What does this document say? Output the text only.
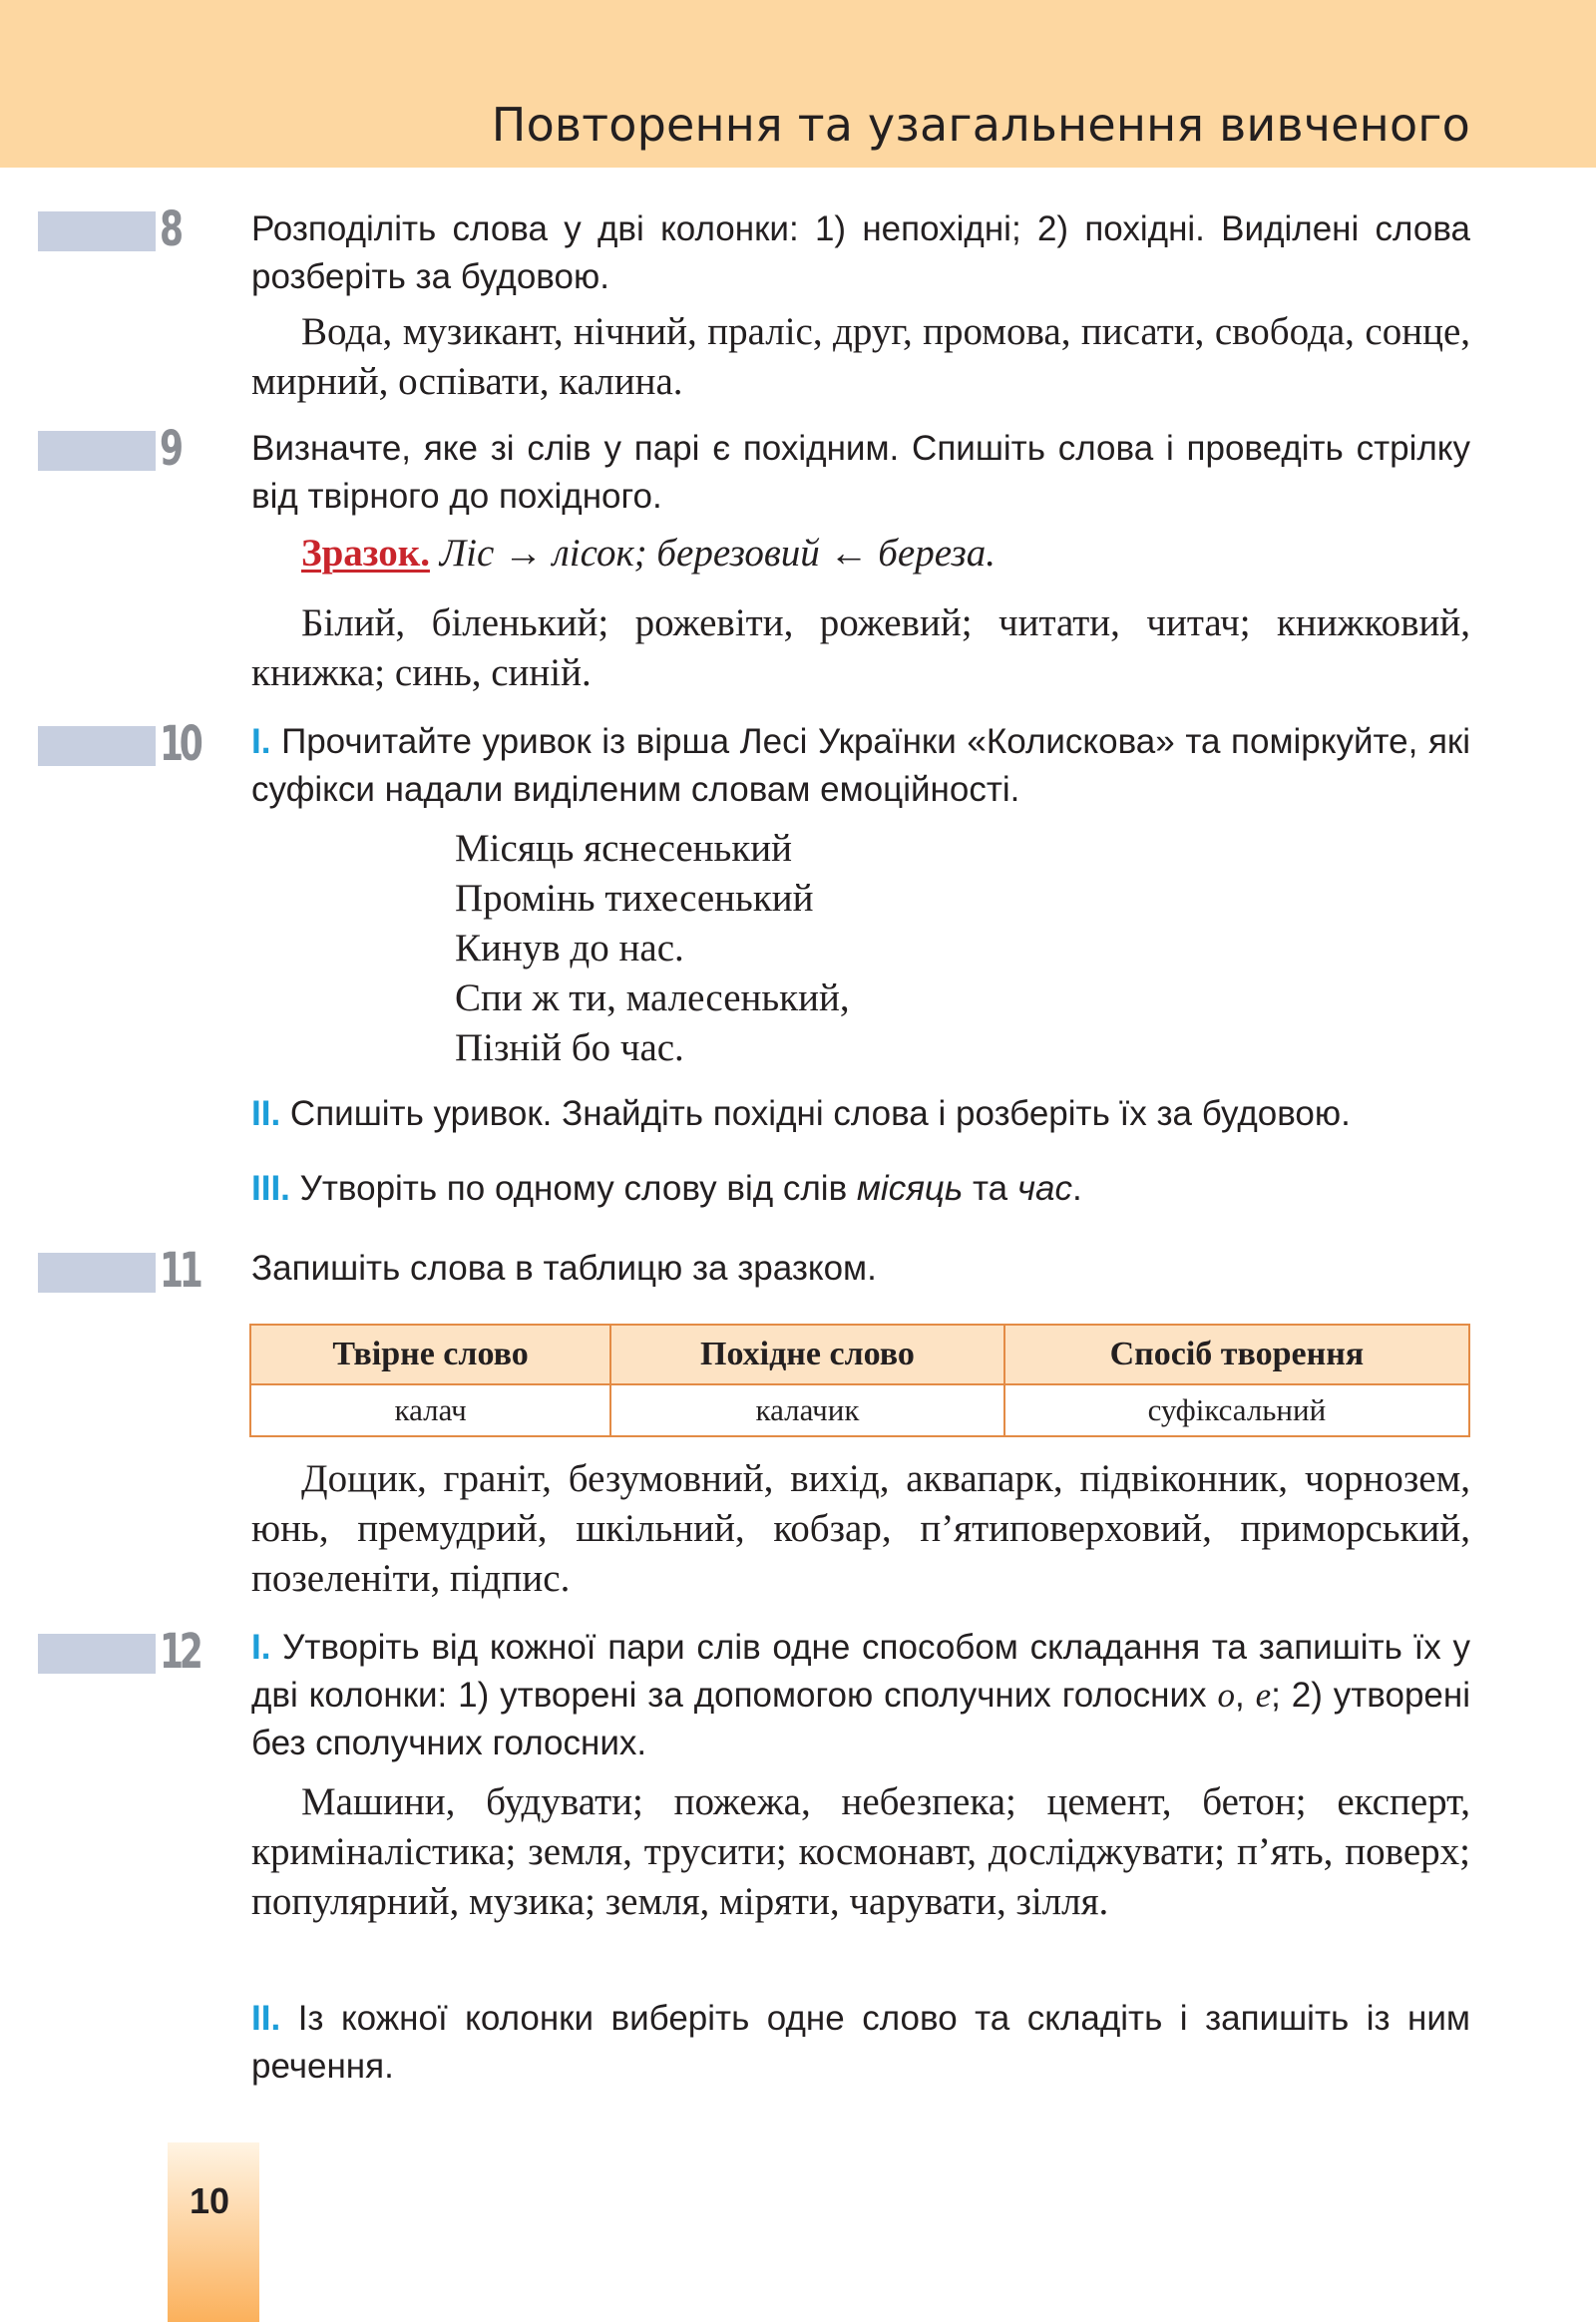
Повторення та узагальнення вивченого
8 Розподіліть слова у дві колонки: 1) непохідні; 2) похідні. Виділені слова розберіть за будовою.
Вода, музикант, нічний, праліс, друг, промова, писати, свобода, сонце, мирний, оспівати, калина.
9 Визначте, яке зі слів у парі є похідним. Спишіть слова і проведіть стрілку від твірного до похідного.
Зразок. Ліс → лісок; березовий ← береза.
Білий, біленький; рожевіти, рожевий; читати, читач; книжковий, книжка; синь, синій.
10 I. Прочитайте уривок із вірша Лесі Українки «Колискова» та поміркуйте, які суфікси надали виділеним словам емоційності.
Місяць яснесенький
Промінь тихесенький
Кинув до нас.
Спи ж ти, малесенький,
Пізній бо час.
II. Спишіть уривок. Знайдіть похідні слова і розберіть їх за будовою.
III. Утворіть по одному слову від слів місяць та час.
11 Запишіть слова в таблицю за зразком.
Твірне слово	Похідне слово	Спосіб творення
калач	калачик	суфіксальний
Дощик, граніт, безумовний, вихід, аквапарк, підвіконник, чорнозем, юнь, премудрий, шкільний, кобзар, п’ятиповерховий, приморський, позеленіти, підпис.
12 I. Утворіть від кожної пари слів одне способом складання та запишіть їх у дві колонки: 1) утворені за допомогою сполучних голосних о, е; 2) утворені без сполучних голосних.
Машини, будувати; пожежа, небезпека; цемент, бетон; експерт, криміналістика; земля, трусити; космонавт, досліджувати; п’ять, поверх; популярний, музика; земля, міряти, чарувати, зілля.
II. Із кожної колонки виберіть одне слово та складіть і запишіть із ним речення.
10
